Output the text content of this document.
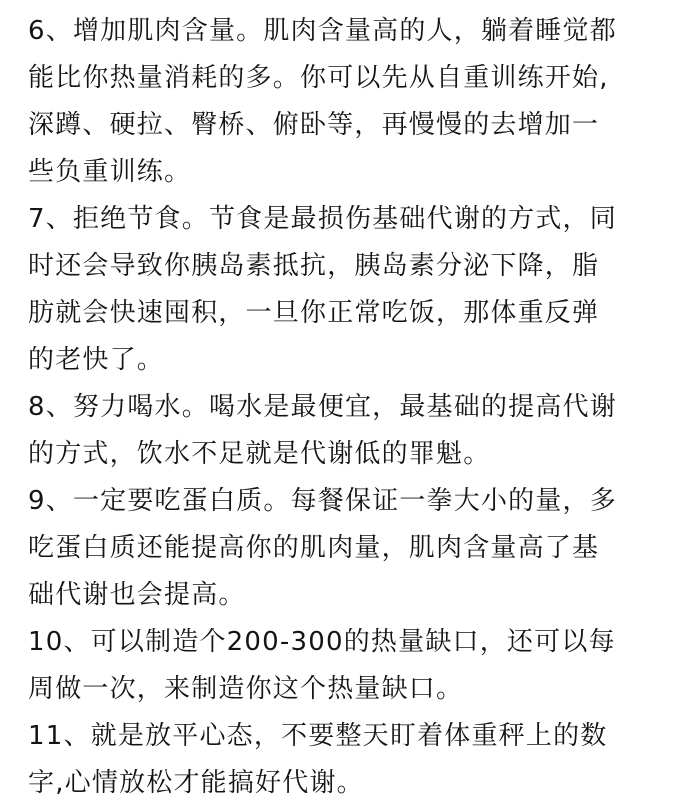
6、增加肌肉含量。肌肉含量高的人，躺着睡觉都
能比你热量消耗的多。你可以先从自重训练开始,
深蹲、硬拉、臀桥、俯卧等，再慢慢的去增加一
些负重训练。

7、拒绝节食。节食是最损伤基础代谢的方式，同
时还会导致你胰岛素抵抗，胰岛素分泌下降，脂
肪就会快速囤积，一旦你正常吃饭，那体重反弹
的老快了。

8、努力喝水。喝水是最便宜，最基础的提高代谢
的方式，饮水不足就是代谢低的罪魁。

9、一定要吃蛋白质。每餐保证一拳大小的量，多
吃蛋白质还能提高你的肌肉量，肌肉含量高了基
础代谢也会提高。

10、可以制造个200-300的热量缺口，还可以每
周做一次，来制造你这个热量缺口。

11、就是放平心态，不要整天盯着体重秤上的数
字,心情放松才能搞好代谢。
